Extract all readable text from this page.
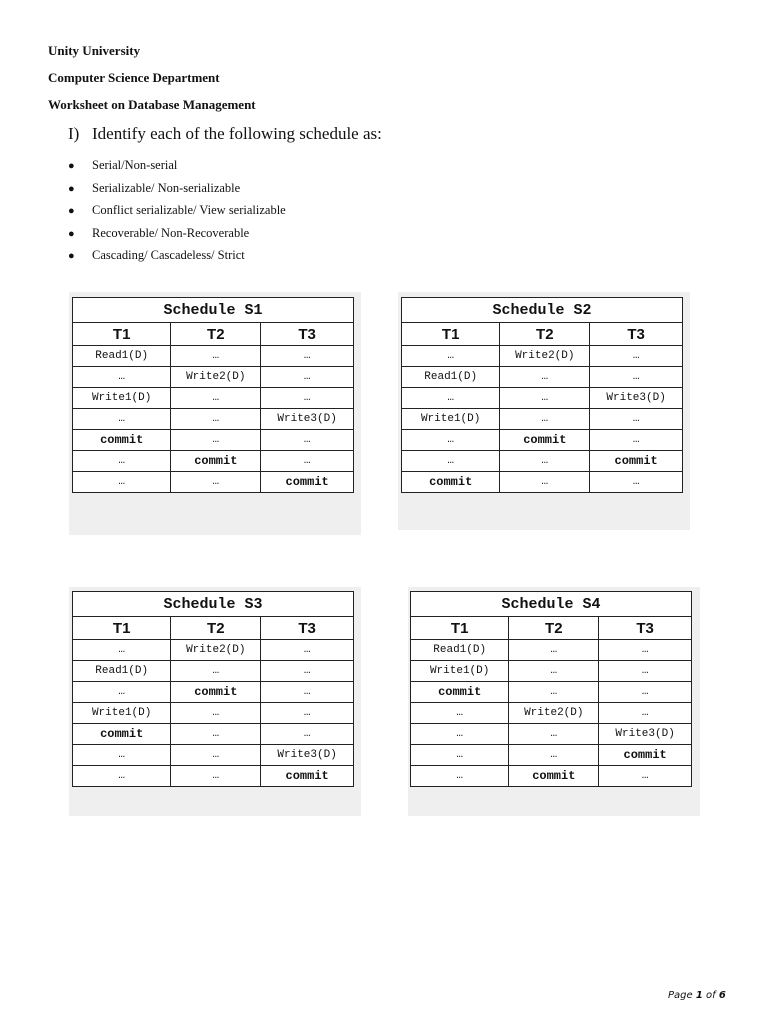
Unity University
Computer Science Department
Worksheet on Database Management
I) Identify each of the following schedule as:
● Serial/Non-serial
● Serializable/ Non-serializable
● Conflict serializable/ View serializable
● Recoverable/ Non-Recoverable
● Cascading/ Cascadeless/ Strict
Schedule S1		
T1	T2	T3
Read1(D)	…	…
…	Write2(D)	…
Write1(D)	…	…
…	…	Write3(D)
commit	…	…
…	commit	…
…	…	commit
Schedule S2		
T1	T2	T3
…	Write2(D)	…
Read1(D)	…	…
…	…	Write3(D)
Write1(D)	…	…
…	commit	…
…	…	commit
commit	…	…
Schedule S3		
T1	T2	T3
…	Write2(D)	…
Read1(D)	…	…
…	commit	…
Write1(D)	…	…
commit	…	…
…	…	Write3(D)
…	…	commit
Schedule S4		
T1	T2	T3
Read1(D)	…	…
Write1(D)	…	…
commit	…	…
…	Write2(D)	…
…	…	Write3(D)
…	…	commit
…	commit	…
Page 1 of 6
